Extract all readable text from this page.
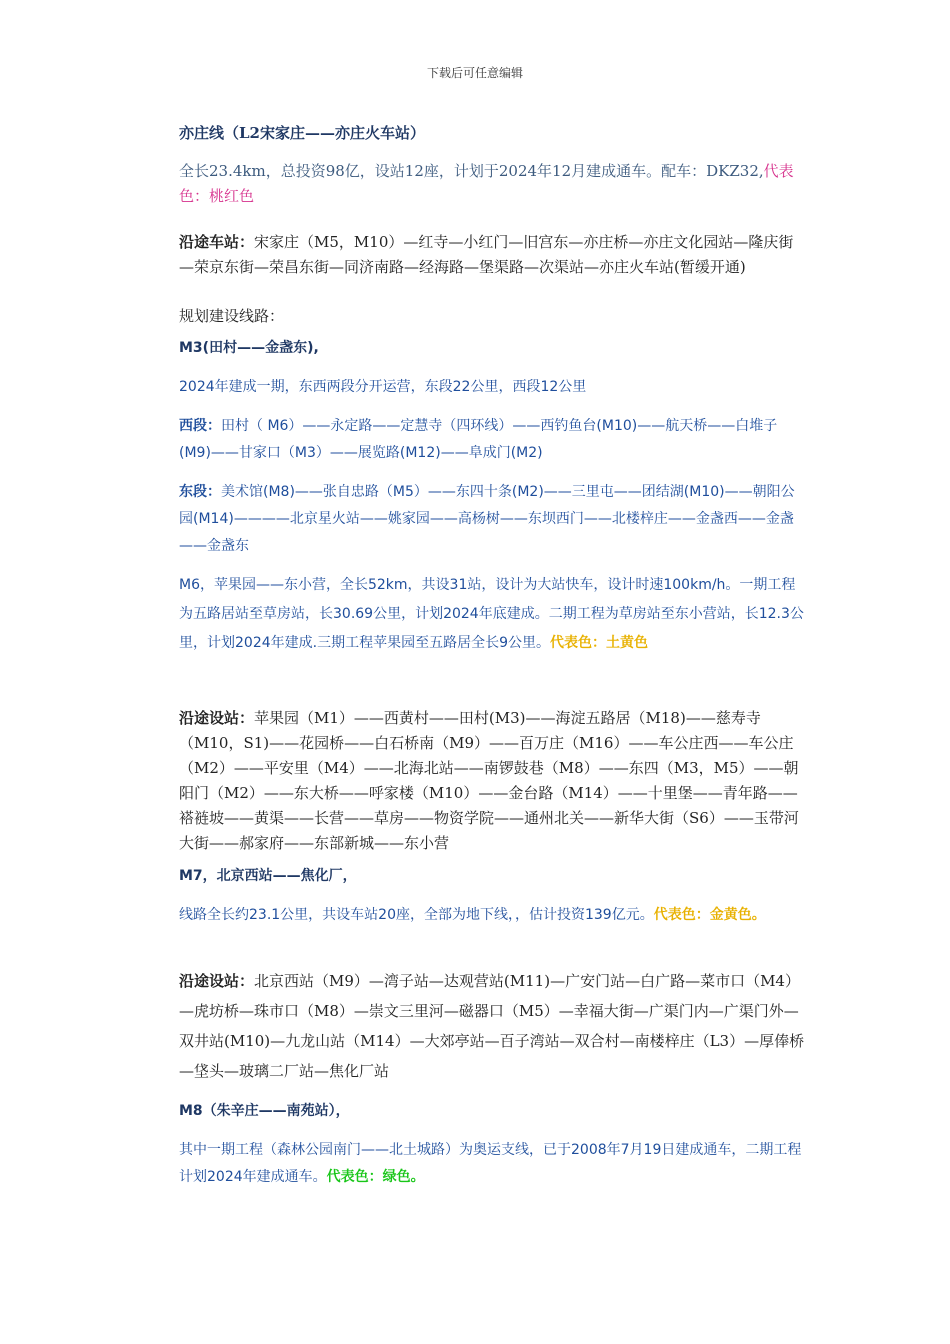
下载后可任意编辑

亦庄线（L2宋家庄——亦庄火车站）

全长23.4km，总投资98亿，设站12座，计划于2024年12月建成通车。配车：DKZ32,代表色：桃红色

沿途车站：宋家庄（M5，M10）—红寺—小红门—旧宫东—亦庄桥—亦庄文化园站—隆庆街—荣京东街—荣昌东街—同济南路—经海路—堡渠路—次渠站—亦庄火车站(暂缓开通)

规划建设线路：

M3(田村——金盏东),

2024年建成一期，东西两段分开运营，东段22公里，西段12公里

西段：田村（ M6）——永定路——定慧寺（四环线）——西钓鱼台(M10)——航天桥——白堆子(M9)——甘家口（M3）——展览路(M12)——阜成门(M2)

东段：美术馆(M8)——张自忠路（M5）——东四十条(M2)——三里屯——团结湖(M10)——朝阳公园(M14)————北京星火站——姚家园——高杨树——东坝西门——北楼梓庄——金盏西——金盏——金盏东

M6，苹果园——东小营，全长52km，共设31站，设计为大站快车，设计时速100km/h。一期工程为五路居站至草房站，长30.69公里，计划2024年底建成。二期工程为草房站至东小营站，长12.3公里，计划2024年建成.三期工程苹果园至五路居全长9公里。代表色：土黄色

沿途设站：苹果园（M1）——西黄村——田村(M3)——海淀五路居（M18)——慈寿寺（M10，S1)——花园桥——白石桥南（M9）——百万庄（M16）——车公庄西——车公庄（M2）——平安里（M4）——北海北站——南锣鼓巷（M8）——东四（M3，M5）——朝阳门（M2）——东大桥——呼家楼（M10）——金台路（M14）——十里堡——青年路——褡裢坡——黄渠——长营——草房——物资学院——通州北关——新华大街（S6）——玉带河大街——郝家府——东部新城——东小营

M7，北京西站——焦化厂，

线路全长约23.1公里，共设车站20座，全部为地下线，，估计投资139亿元。代表色：金黄色。

沿途设站：北京西站（M9）—湾子站—达观营站(M11)—广安门站—白广路—菜市口（M4）—虎坊桥—珠市口（M8）—崇文三里河—磁器口（M5）—幸福大街—广渠门内—广渠门外—双井站(M10)—九龙山站（M14）—大郊亭站—百子湾站—双合村—南楼梓庄（L3）—厚俸桥—垡头—玻璃二厂站—焦化厂站

M8（朱辛庄——南苑站），

其中一期工程（森林公园南门——北土城路）为奥运支线，已于2008年7月19日建成通车，二期工程计划2024年建成通车。代表色：绿色。
